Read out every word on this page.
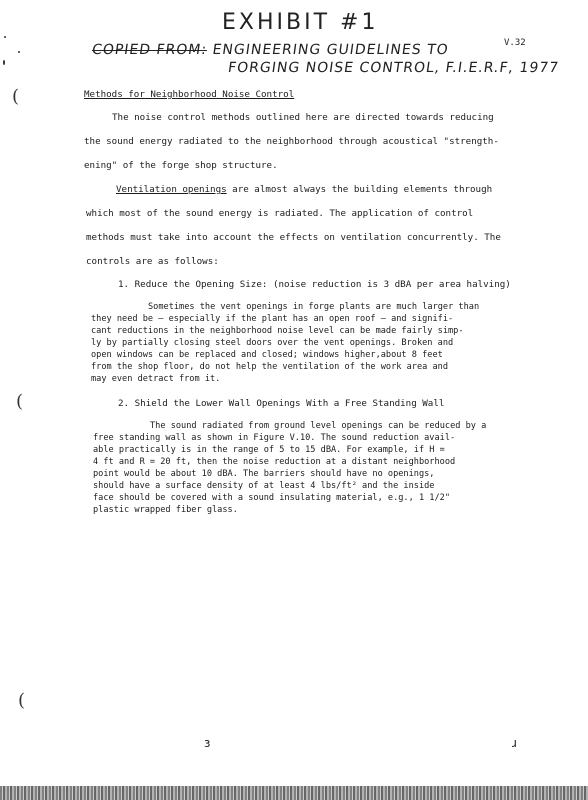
EXHIBIT #1
V.32
COPIED FROM: ENGINEERING GUIDELINES TO
FORGING NOISE CONTROL, F.I.E.R.F, 1977
Methods for Neighborhood Noise Control
The noise control methods outlined here are directed towards reducing
the sound energy radiated to the neighborhood through acoustical "strength-
ening" of the forge shop structure.
Ventilation openings are almost always the building elements through
which most of the sound energy is radiated. The application of control
methods must take into account the effects on ventilation concurrently. The
controls are as follows:
1. Reduce the Opening Size: (noise reduction is 3 dBA per area halving)
Sometimes the vent openings in forge plants are much larger than
they need be — especially if the plant has an open roof — and signifi-
cant reductions in the neighborhood noise level can be made fairly simp-
ly by partially closing steel doors over the vent openings. Broken and
open windows can be replaced and closed; windows higher,about 8 feet
from the shop floor, do not help the ventilation of the work area and
may even detract from it.
2. Shield the Lower Wall Openings With a Free Standing Wall
The sound radiated from ground level openings can be reduced by a
free standing wall as shown in Figure V.10. The sound reduction avail-
able practically is in the range of 5 to 15 dBA. For example, if H =
4 ft and R = 20 ft, then the noise reduction at a distant neighborhood
point would be about 10 dBA. The barriers should have no openings,
should have a surface density of at least 4 lbs/ft² and the inside
face should be covered with a sound insulating material, e.g., 1 1/2"
plastic wrapped fiber glass.
(
(
(
ɜ	ɹ
